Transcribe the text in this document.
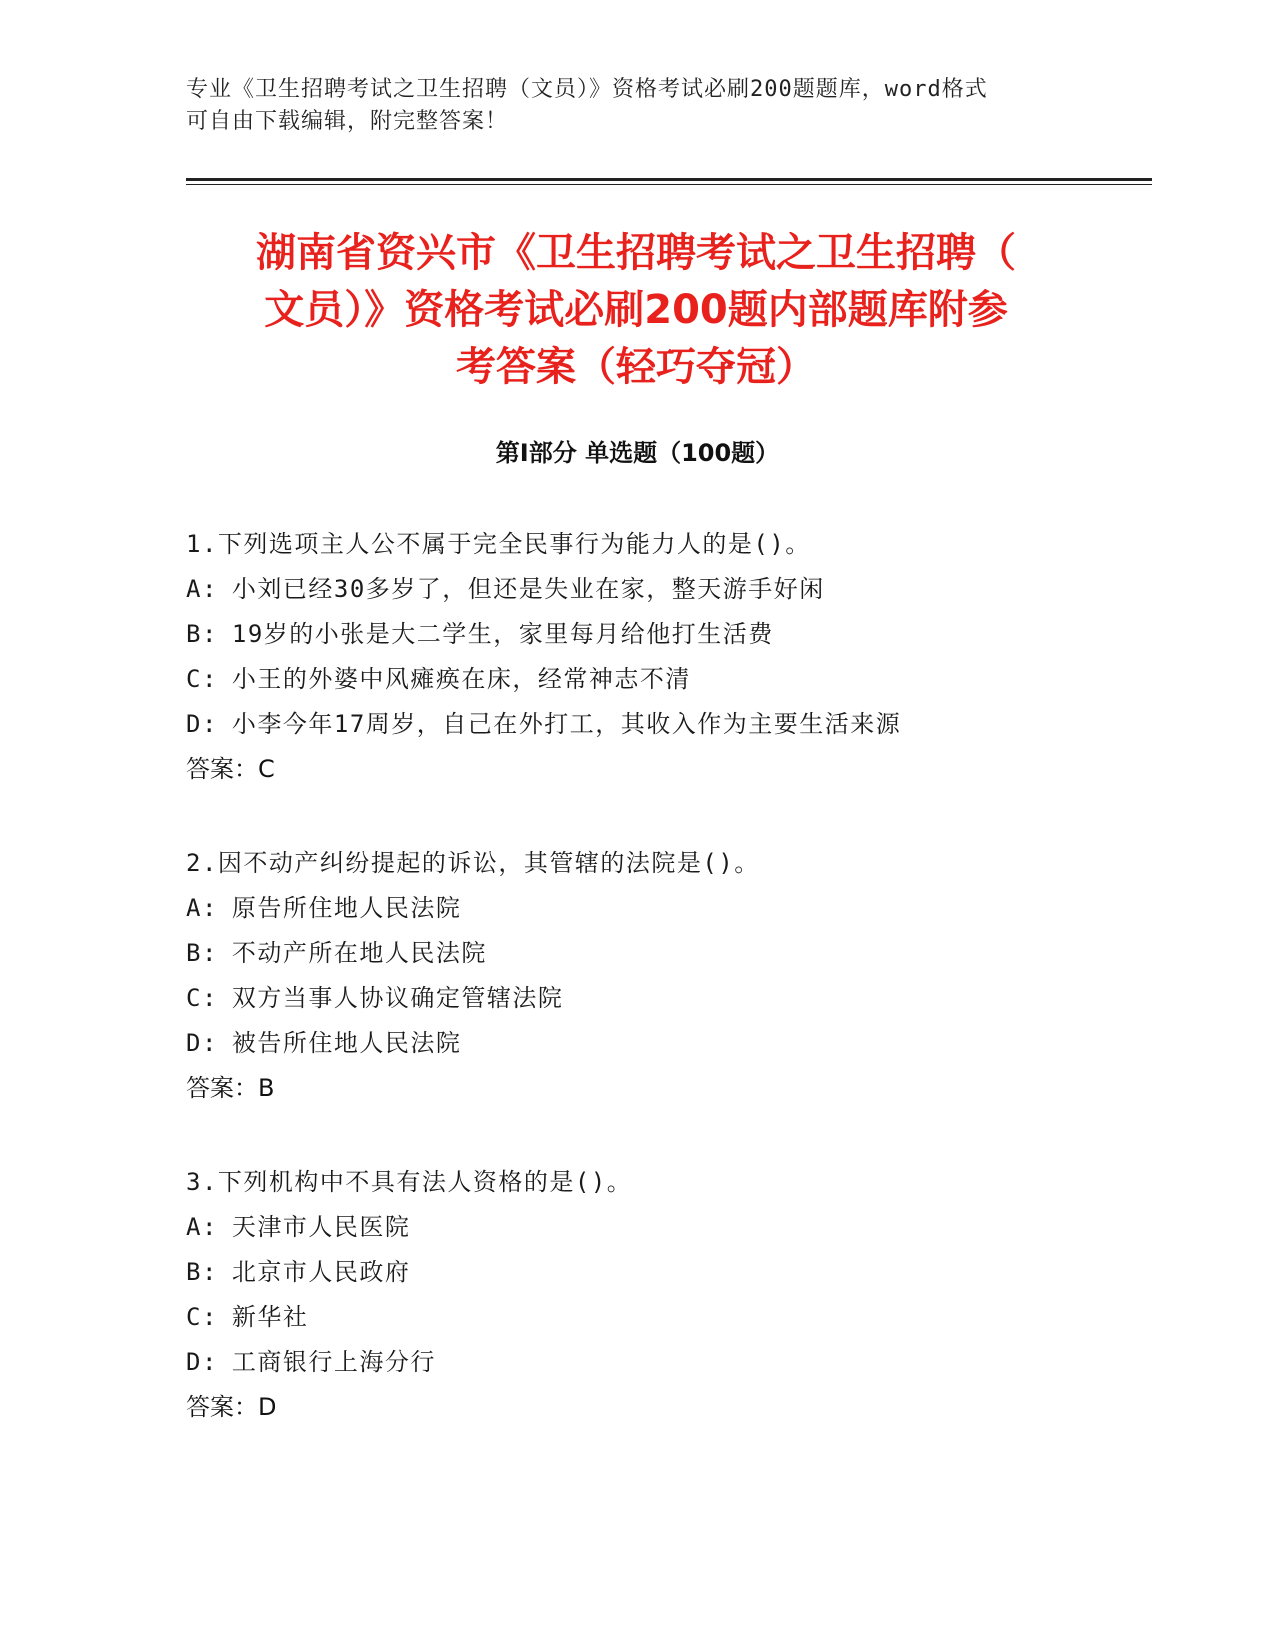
专业《卫生招聘考试之卫生招聘（文员）》资格考试必刷200题题库，word格式
可自由下载编辑，附完整答案！
湖南省资兴市《卫生招聘考试之卫生招聘（
文员）》资格考试必刷200题内部题库附参
考答案（轻巧夺冠）
第I部分 单选题（100题）
1.下列选项主人公不属于完全民事行为能力人的是()。
A: 小刘已经30多岁了，但还是失业在家，整天游手好闲
B: 19岁的小张是大二学生，家里每月给他打生活费
C: 小王的外婆中风瘫痪在床，经常神志不清
D: 小李今年17周岁，自己在外打工，其收入作为主要生活来源
答案：C
2.因不动产纠纷提起的诉讼，其管辖的法院是()。
A: 原告所住地人民法院
B: 不动产所在地人民法院
C: 双方当事人协议确定管辖法院
D: 被告所住地人民法院
答案：B
3.下列机构中不具有法人资格的是()。
A: 天津市人民医院
B: 北京市人民政府
C: 新华社
D: 工商银行上海分行
答案：D
